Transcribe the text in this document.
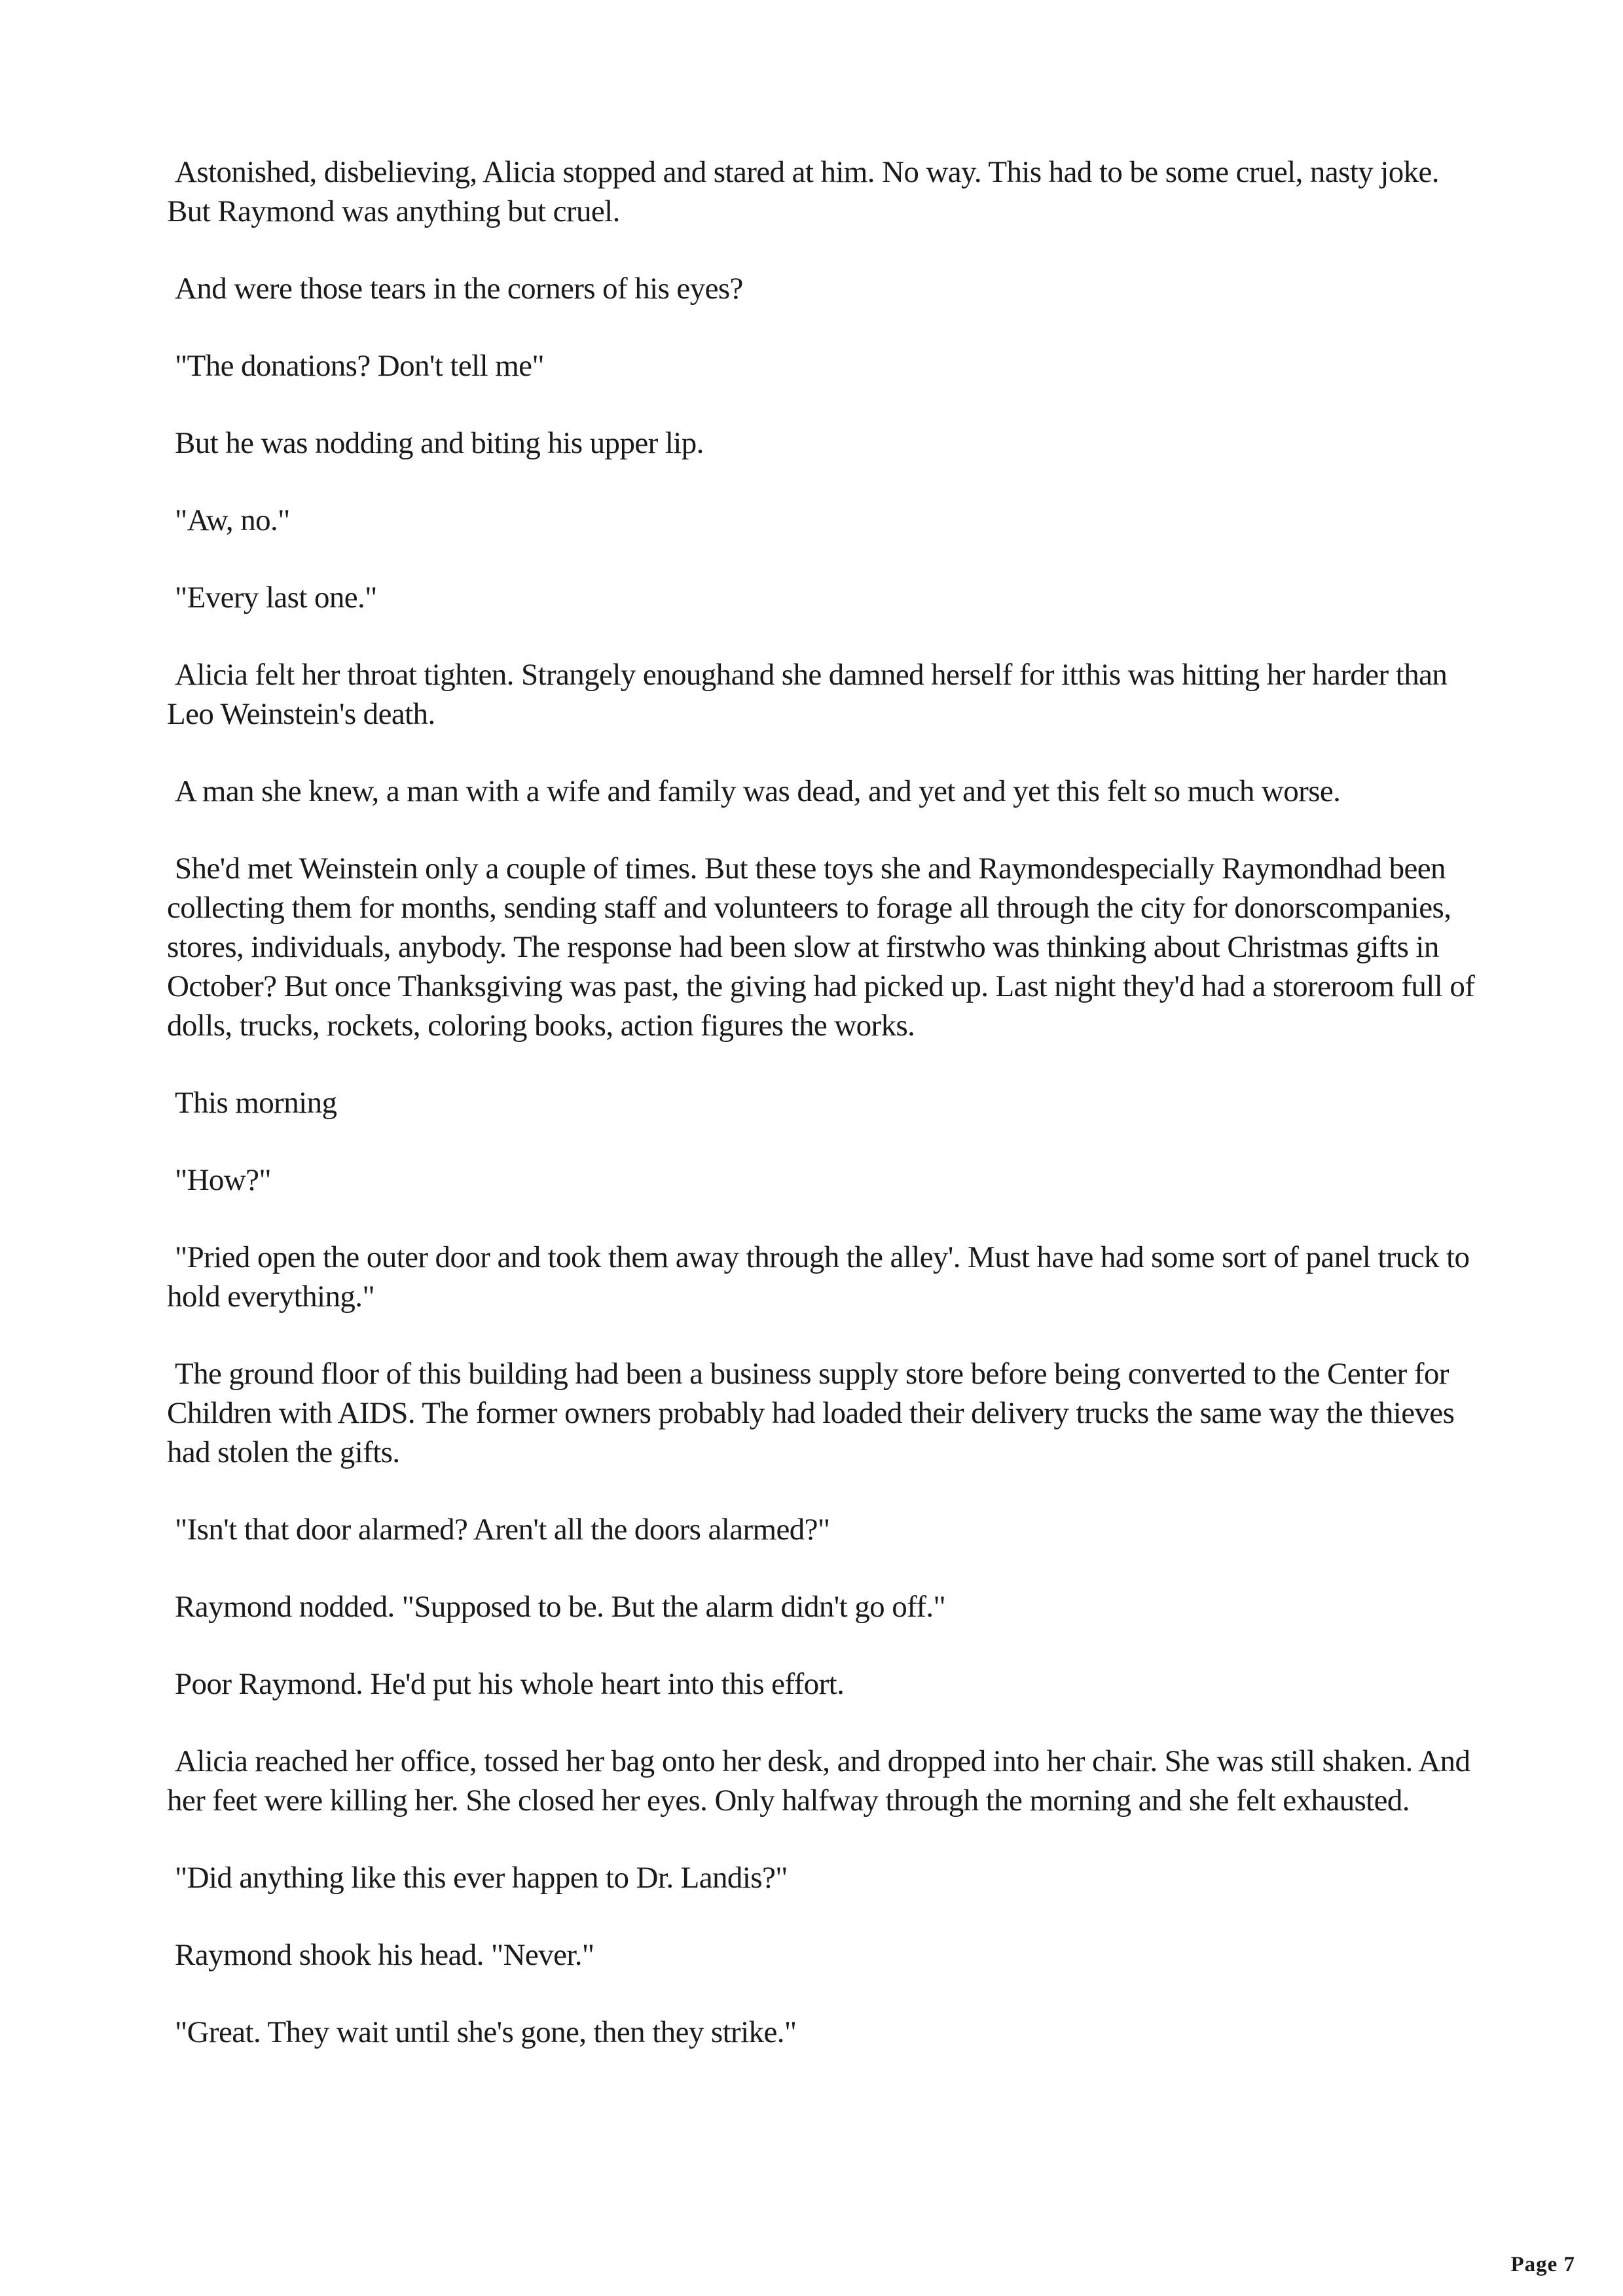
Astonished, disbelieving, Alicia stopped and stared at him. No way. This had to be some cruel, nasty joke. But Raymond was anything but cruel.

And were those tears in the corners of his eyes?

"The donations? Don't tell me"

But he was nodding and biting his upper lip.

"Aw, no."

"Every last one."

Alicia felt her throat tighten. Strangely enoughand she damned herself for itthis was hitting her harder than Leo Weinstein's death.

A man she knew, a man with a wife and family was dead, and yet and yet this felt so much worse.

She'd met Weinstein only a couple of times. But these toys she and Raymondespecially Raymondhad been collecting them for months, sending staff and volunteers to forage all through the city for donorscompanies, stores, individuals, anybody. The response had been slow at firstwho was thinking about Christmas gifts in October? But once Thanksgiving was past, the giving had picked up. Last night they'd had a storeroom full of dolls, trucks, rockets, coloring books, action figures the works.

This morning

"How?"

"Pried open the outer door and took them away through the alley'. Must have had some sort of panel truck to hold everything."

The ground floor of this building had been a business supply store before being converted to the Center for Children with AIDS. The former owners probably had loaded their delivery trucks the same way the thieves had stolen the gifts.

"Isn't that door alarmed? Aren't all the doors alarmed?"

Raymond nodded. "Supposed to be. But the alarm didn't go off."

Poor Raymond. He'd put his whole heart into this effort.

Alicia reached her office, tossed her bag onto her desk, and dropped into her chair. She was still shaken. And her feet were killing her. She closed her eyes. Only halfway through the morning and she felt exhausted.

"Did anything like this ever happen to Dr. Landis?"

Raymond shook his head. "Never."

"Great. They wait until she's gone, then they strike."

Page 7
